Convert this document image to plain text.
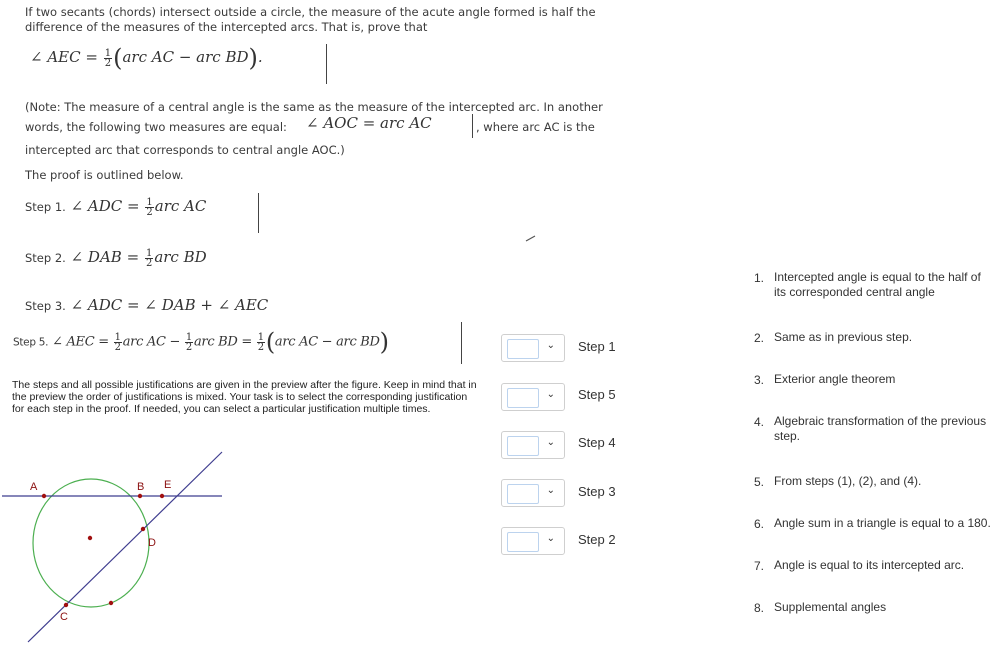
If two secants (chords) intersect outside a circle, the measure of the acute angle formed is half the
difference of the measures of the intercepted arcs. That is, prove that
∠ AEC = $\frac{1}{2} (arc$ AC − arc BD).
(Note: The measure of a central angle is the same as the measure of the intercepted arc. In another
words, the following two measures are equal: ∠ AOC = arc AC	, where arc AC is the
intercepted arc that corresponds to central angle AOC.)
The proof is outlined below.
Step 1. ∠ ADC = $\frac{1}{2}$ arc AC
Step 2. ∠ DAB = $\frac{1}{2}$ arc BD
Step 3. ∠ ADC = ∠ DAB + ∠ AEC
Step 5. ∠ AEC = $\frac{1}{2}$ arc AC − $\frac{1}{2}$ arc BD = $\frac{1}{2} (arc$ AC − arc BD)
The steps and all possible justifications are given in the preview after the figure. Keep in mind that in
the preview the order of justifications is mixed. Your task is to select the corresponding justification
for each step in the proof. If needed, you can select a particular justification multiple times.
A	B E
D
C
⌄ Step 1
⌄ Step 5
⌄ Step 4
⌄ Step 3
⌄ Step 2
1. Intercepted angle is equal to the half of its corresponded central angle
2. Same as in previous step.
3. Exterior angle theorem
4. Algebraic transformation of the previous step.
5. From steps (1), (2), and (4).
6. Angle sum in a triangle is equal to a 180.
7. Angle is equal to its intercepted arc.
8. Supplemental angles
